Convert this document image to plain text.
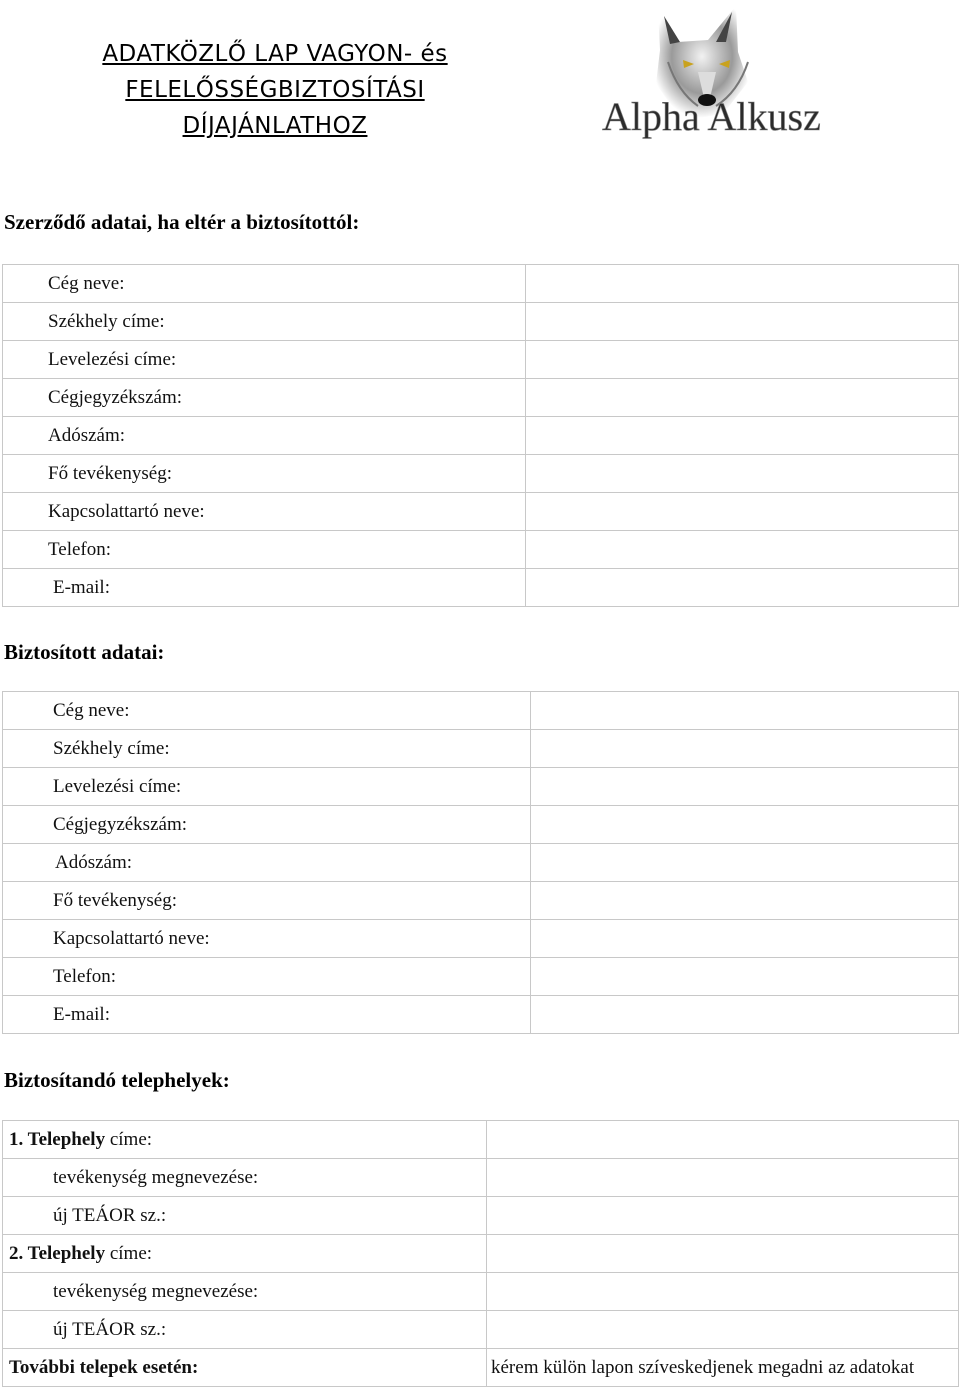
ADATKÖZLŐ LAP VAGYON- és
FELELŐSSÉGBIZTOSÍTÁSI
DÍJAJÁNLATHOZ	Alpha Alkusz
Szerződő adatai, ha eltér a biztosítottól:
Cég neve:	
Székhely címe:	
Levelezési címe:	
Cégjegyzékszám:	
Adószám:	
Fő tevékenység:	
Kapcsolattartó neve:	
Telefon:	
E-mail:	
Biztosított adatai:
Cég neve:	
Székhely címe:	
Levelezési címe:	
Cégjegyzékszám:	
Adószám:	
Fő tevékenység:	
Kapcsolattartó neve:	
Telefon:	
E-mail:	
Biztosítandó telephelyek:
1. Telephely címe:	
tevékenység megnevezése:	
új TEÁOR sz.:	
2. Telephely címe:	
tevékenység megnevezése:	
új TEÁOR sz.:	
További telepek esetén:	kérem külön lapon szíveskedjenek megadni az adatokat
